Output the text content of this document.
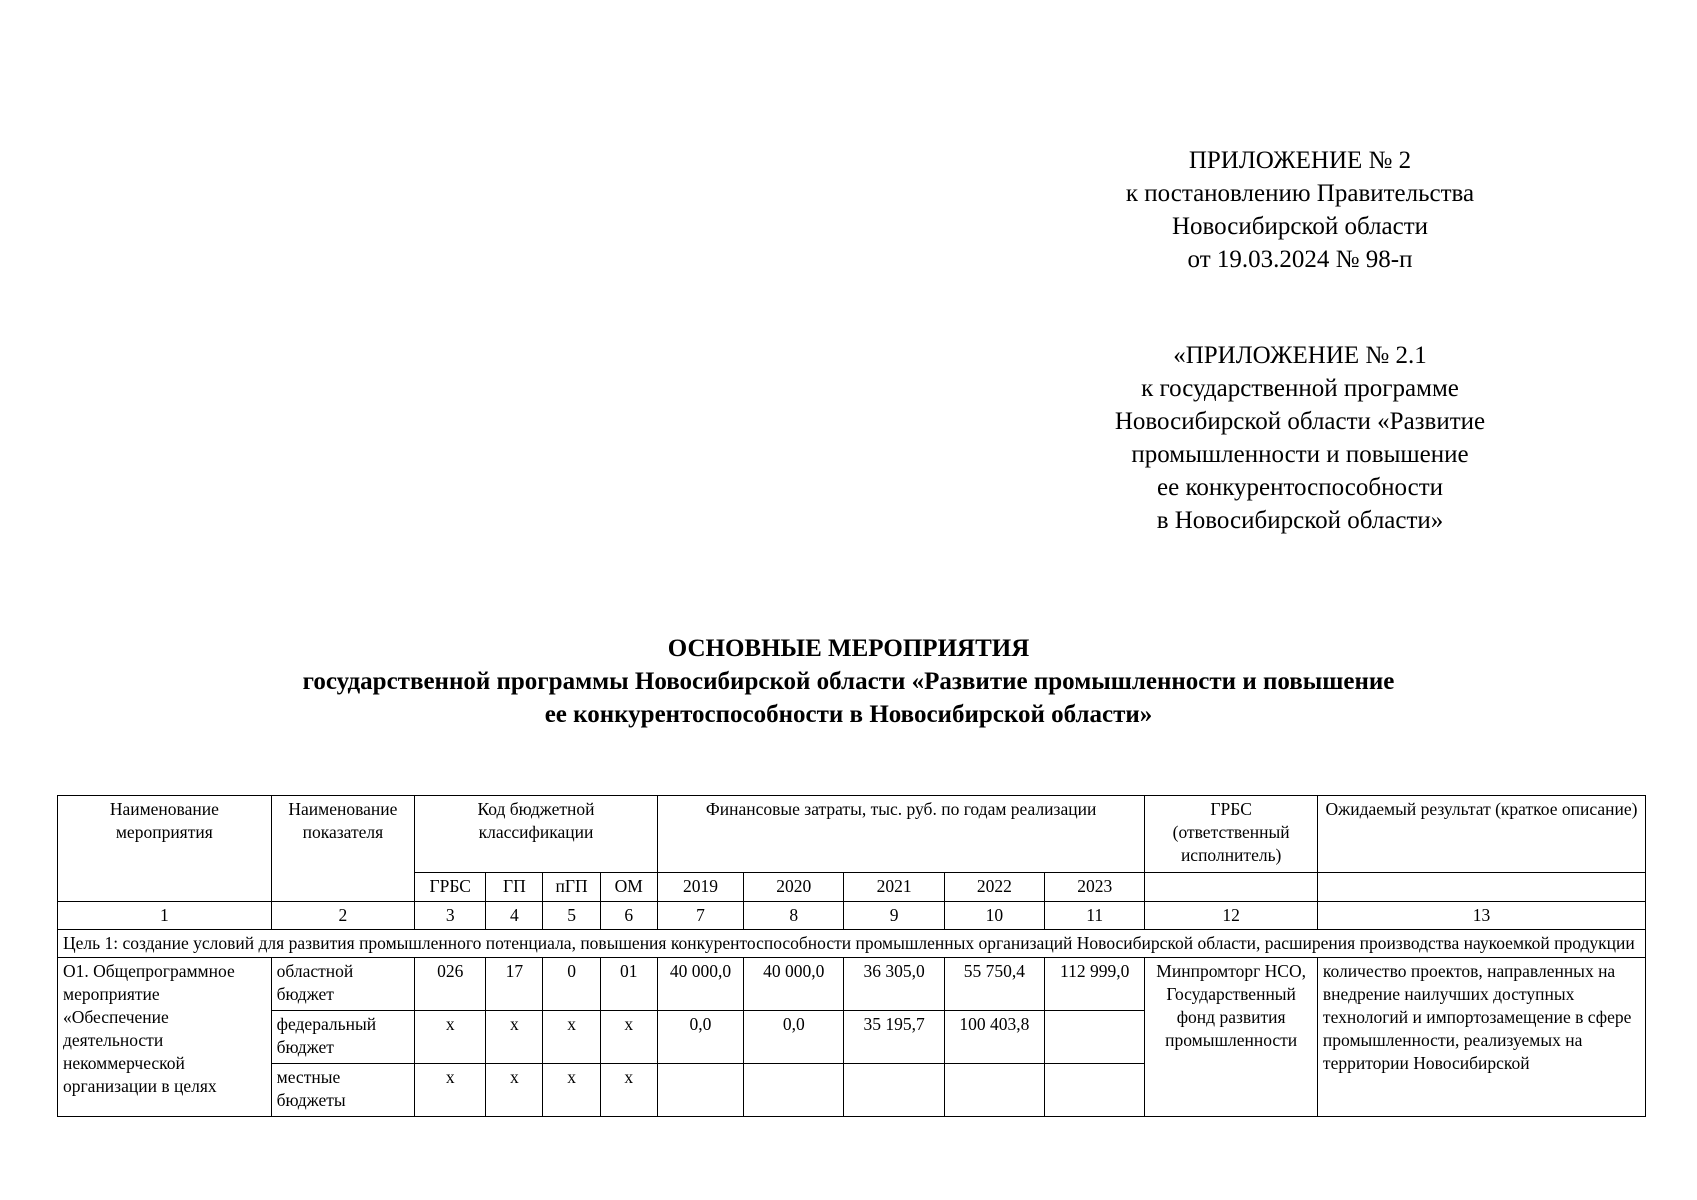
ПРИЛОЖЕНИЕ № 2
к постановлению Правительства
Новосибирской области
от 19.03.2024 № 98-п
«ПРИЛОЖЕНИЕ № 2.1
к государственной программе
Новосибирской области «Развитие
промышленности и повышение
ее конкурентоспособности
в Новосибирской области»
ОСНОВНЫЕ МЕРОПРИЯТИЯ
государственной программы Новосибирской области «Развитие промышленности и повышение
ее конкурентоспособности в Новосибирской области»
Наименование мероприятия	Наименование показателя	Код бюджетной классификации				Финансовые затраты, тыс. руб. по годам реализации					ГРБС (ответственный исполнитель)	Ожидаемый результат (краткое описание)
		ГРБС	ГП	пГП	ОМ	2019	2020	2021	2022	2023		
1	2	3	4	5	6	7	8	9	10	11	12	13
Цель 1: создание условий для развития промышленного потенциала, повышения конкурентоспособности промышленных организаций Новосибирской области, расширения производства наукоемкой продукции												
О1. Общепрограммное мероприятие «Обеспечение деятельности некоммерческой организации в целях	областной бюджет	026	17	0	01	40 000,0	40 000,0	36 305,0	55 750,4	112 999,0	Минпромторг НСО, Государственный фонд развития промышленности	количество проектов, направленных на внедрение наилучших доступных технологий и импортозамещение в сфере промышленности, реализуемых на территории Новосибирской
	федеральный бюджет	х	х	х	х	0,0	0,0	35 195,7	100 403,8			
	местные бюджеты	х	х	х	х							
